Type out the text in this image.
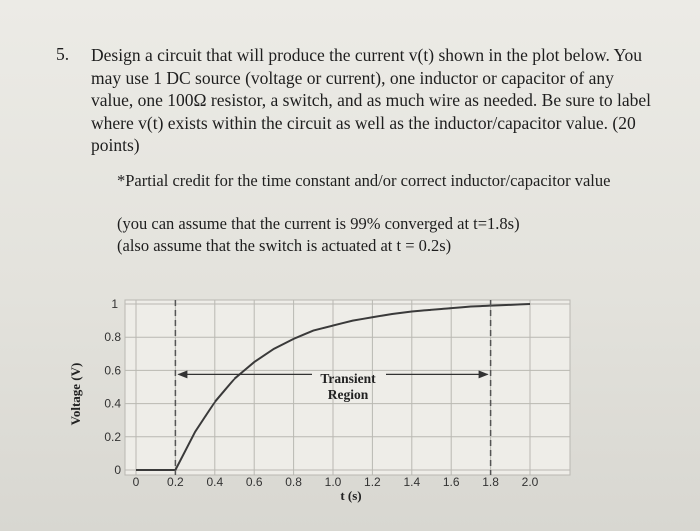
5. Design a circuit that will produce the current v(t) shown in the plot below. You
may use 1 DC source (voltage or current), one inductor or capacitor of any
value, one 100Ω resistor, a switch, and as much wire as needed. Be sure to label
where v(t) exists within the circuit as well as the inductor/capacitor value. (20
points)
*Partial credit for the time constant and/or correct inductor/capacitor value
(you can assume that the current is 99% converged at t=1.8s)
(also assume that the switch is actuated at t = 0.2s)
0 0.2 0.4 0.6 0.8 1.0 1.2 1.4 1.6 1.8 2.0
0
0.2
0.4
0.6
0.8
1
Transient
Region
Voltage (V)
t (s)
